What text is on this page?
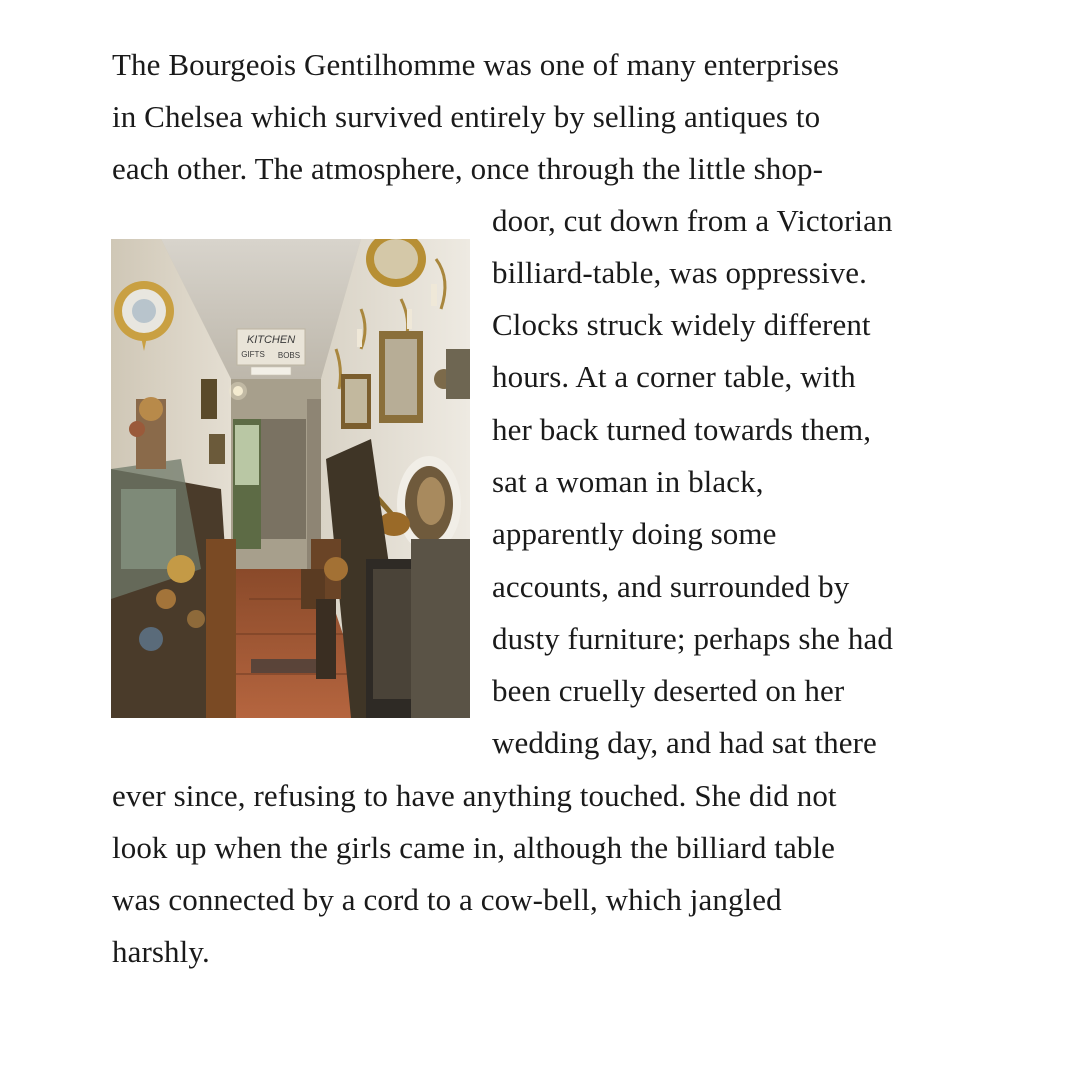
The Bourgeois Gentilhomme was one of many enterprises
in Chelsea which survived entirely by selling antiques to
each other. The atmosphere, once through the little shop-
door, cut down from a Victorian
billiard-table, was oppressive.
Clocks struck widely different
hours. At a corner table, with
her back turned towards them,
sat a woman in black,
apparently doing some
accounts, and surrounded by
dusty furniture; perhaps she had
been cruelly deserted on her
wedding day, and had sat there
ever since, refusing to have anything touched. She did not
look up when the girls came in, although the billiard table
was connected by a cord to a cow-bell, which jangled
harshly.
KITCHEN
GIFTS BOBS
